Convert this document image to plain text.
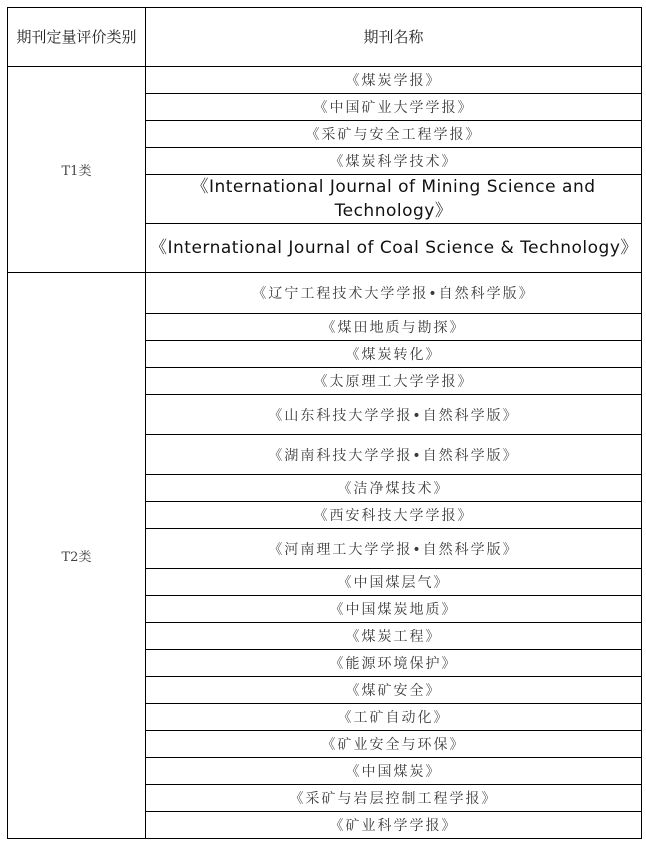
期刊定量评价类别	期刊名称
T1类	《煤炭学报》
	《中国矿业大学学报》
	《采矿与安全工程学报》
	《煤炭科学技术》
	《International Journal of Mining Science and Technology》
	《International Journal of Coal Science & Technology》
T2类	《辽宁工程技术大学学报•自然科学版》
	《煤田地质与勘探》
	《煤炭转化》
	《太原理工大学学报》
	《山东科技大学学报•自然科学版》
	《湖南科技大学学报•自然科学版》
	《洁净煤技术》
	《西安科技大学学报》
	《河南理工大学学报•自然科学版》
	《中国煤层气》
	《中国煤炭地质》
	《煤炭工程》
	《能源环境保护》
	《煤矿安全》
	《工矿自动化》
	《矿业安全与环保》
	《中国煤炭》
	《采矿与岩层控制工程学报》
	《矿业科学学报》
